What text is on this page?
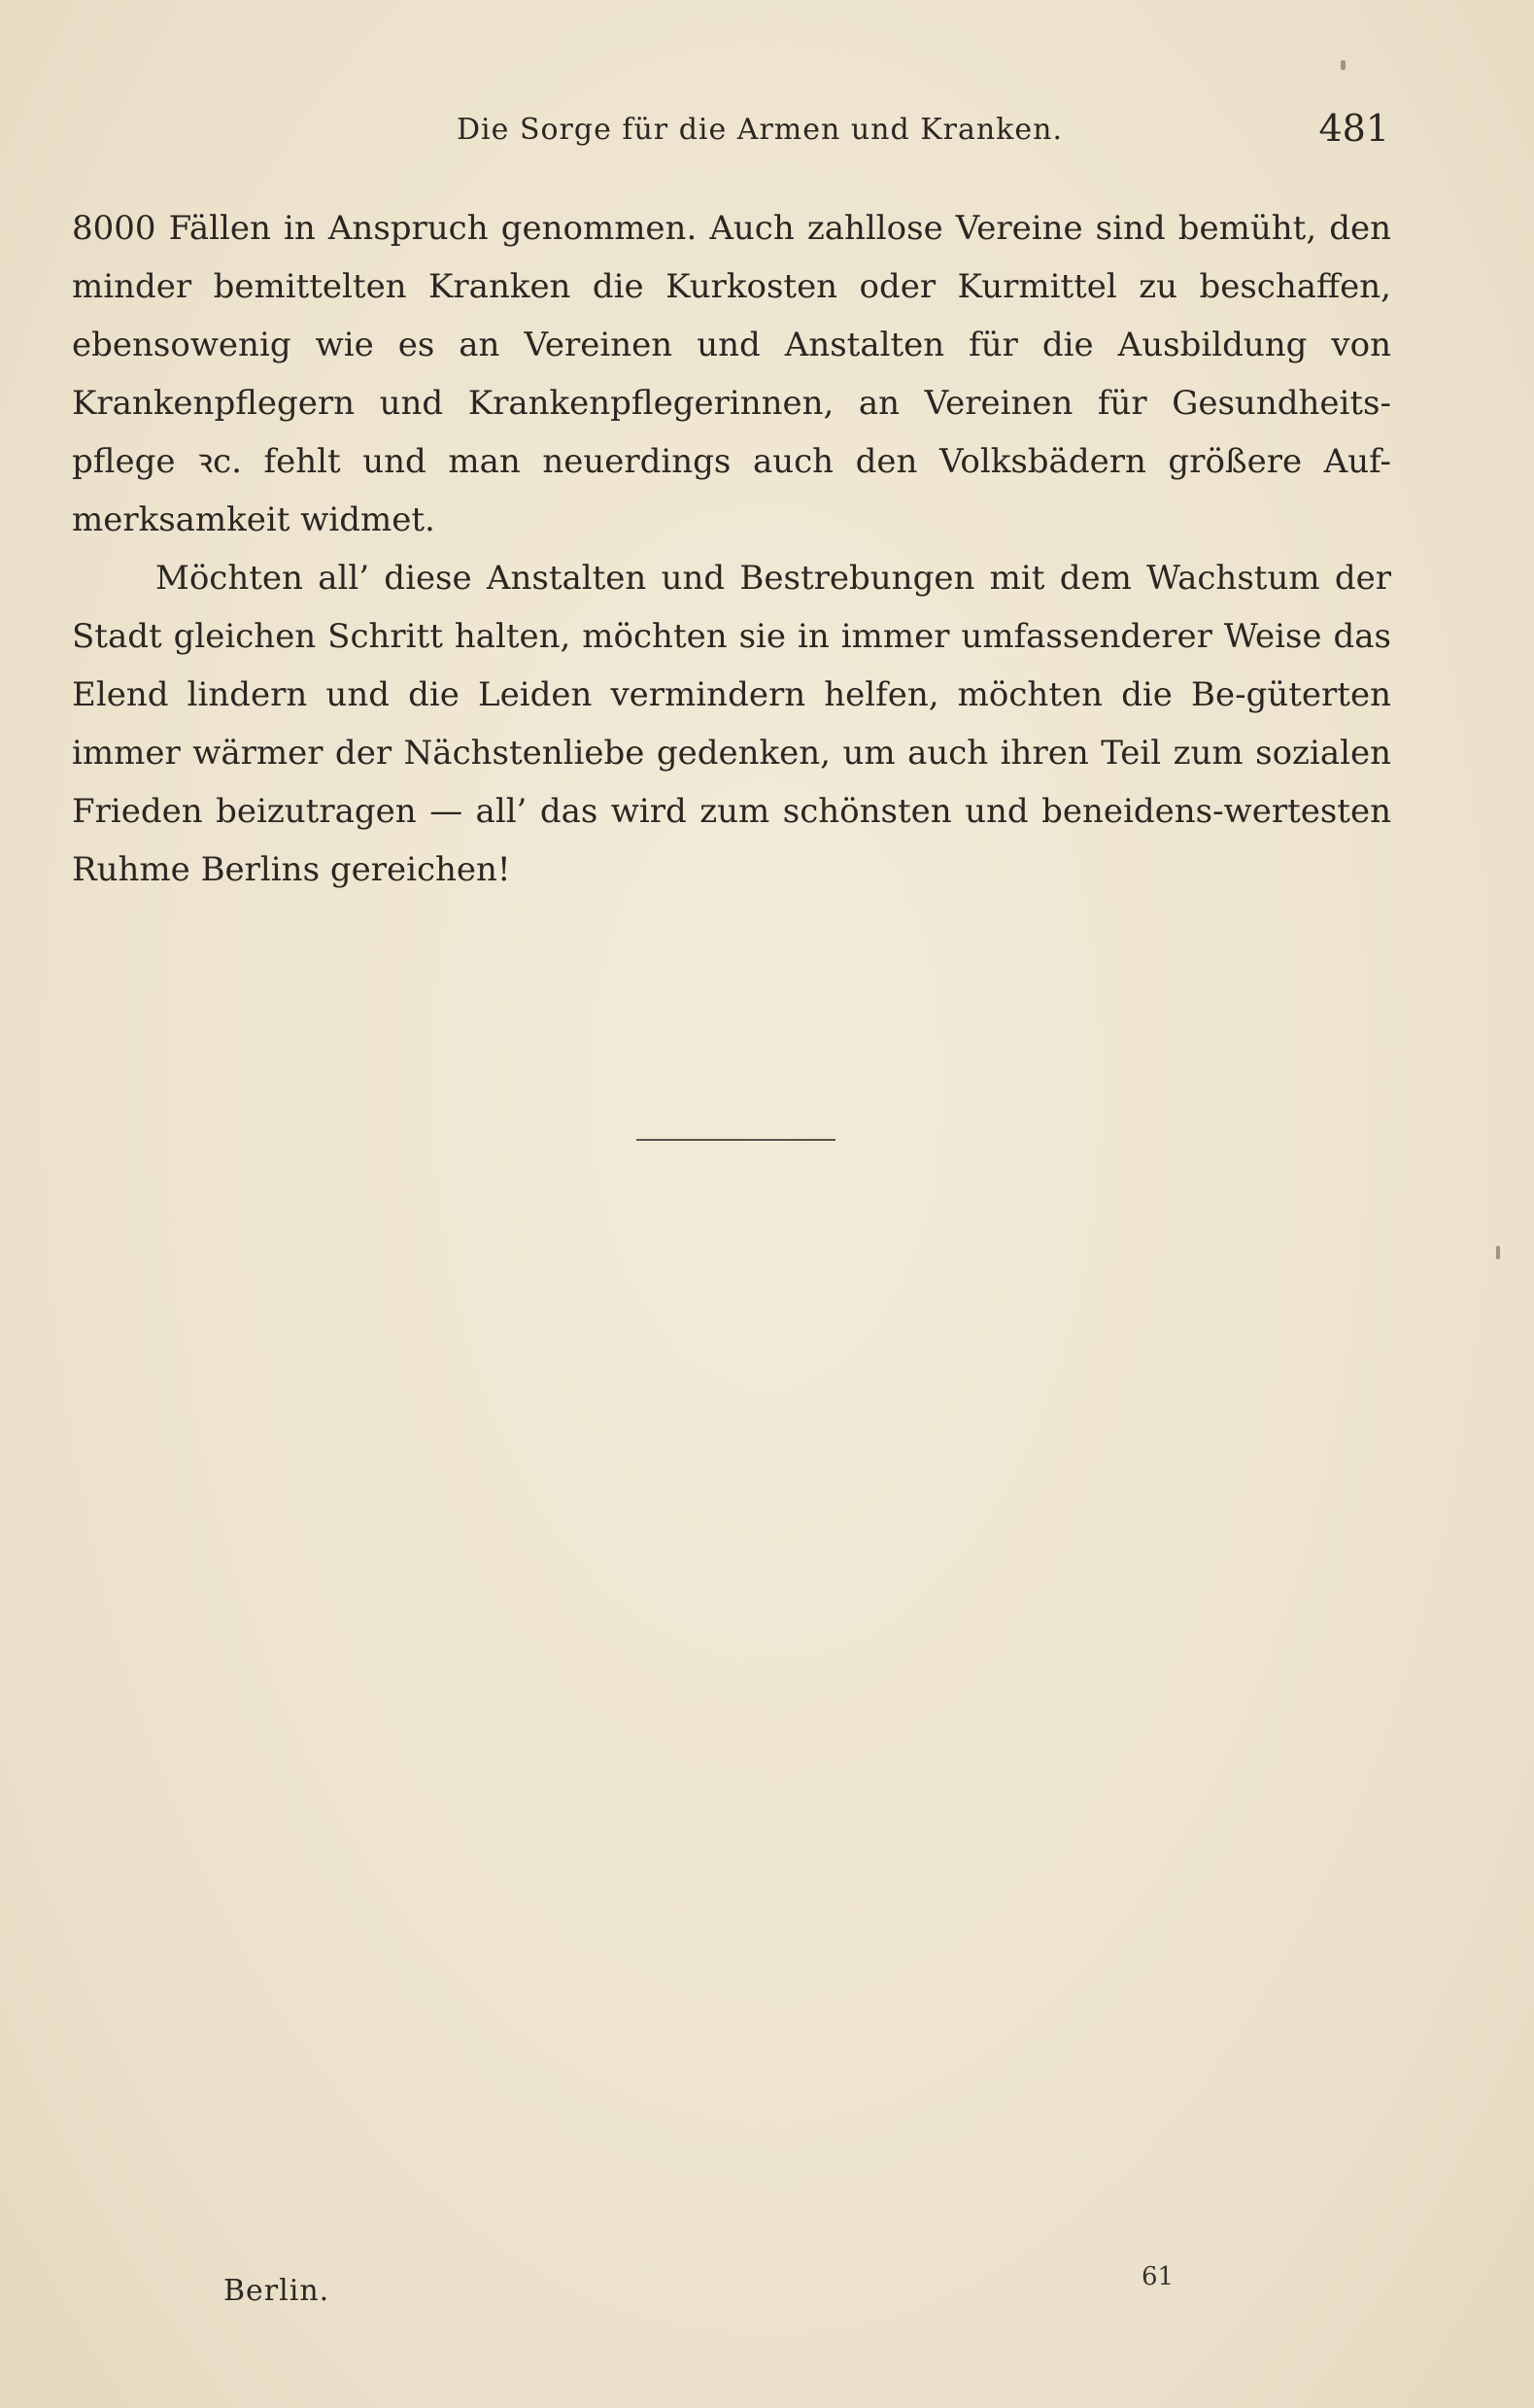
Die Sorge für die Armen und Kranken.	481

8000 Fällen in Anspruch genommen. Auch zahllose Vereine sind bemüht, den minder bemittelten Kranken die Kurkosten oder Kurmittel zu beschaffen, ebensowenig wie es an Vereinen und Anstalten für die Ausbildung von Krankenpflegern und Krankenpflegerinnen, an Vereinen für Gesundheits-pflege ꝛc. fehlt und man neuerdings auch den Volksbädern größere Auf-merksamkeit widmet.

Möchten all’ diese Anstalten und Bestrebungen mit dem Wachstum der Stadt gleichen Schritt halten, möchten sie in immer umfassenderer Weise das Elend lindern und die Leiden vermindern helfen, möchten die Be-güterten immer wärmer der Nächstenliebe gedenken, um auch ihren Teil zum sozialen Frieden beizutragen — all’ das wird zum schönsten und beneidens-wertesten Ruhme Berlins gereichen!

Berlin.	61
